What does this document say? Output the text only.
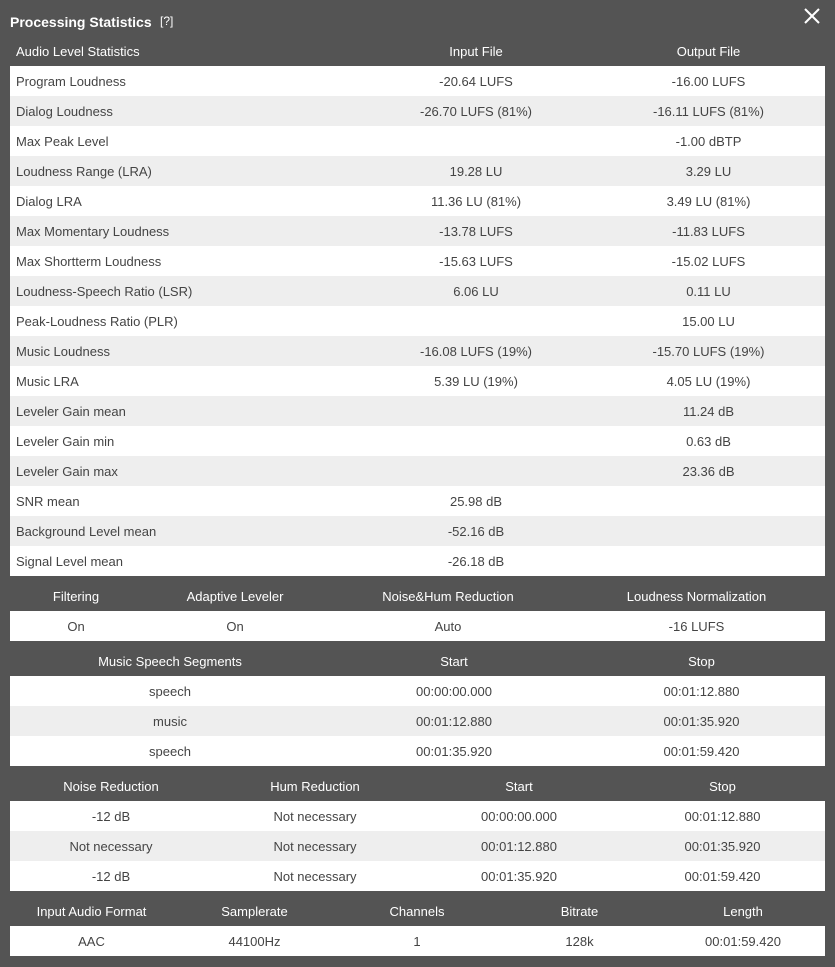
Processing Statistics [?]
Audio Level Statistics	Input File	Output File
Program Loudness	-20.64 LUFS	-16.00 LUFS
Dialog Loudness	-26.70 LUFS (81%)	-16.11 LUFS (81%)
Max Peak Level		-1.00 dBTP
Loudness Range (LRA)	19.28 LU	3.29 LU
Dialog LRA	11.36 LU (81%)	3.49 LU (81%)
Max Momentary Loudness	-13.78 LUFS	-11.83 LUFS
Max Shortterm Loudness	-15.63 LUFS	-15.02 LUFS
Loudness-Speech Ratio (LSR)	6.06 LU	0.11 LU
Peak-Loudness Ratio (PLR)		15.00 LU
Music Loudness	-16.08 LUFS (19%)	-15.70 LUFS (19%)
Music LRA	5.39 LU (19%)	4.05 LU (19%)
Leveler Gain mean		11.24 dB
Leveler Gain min		0.63 dB
Leveler Gain max		23.36 dB
SNR mean	25.98 dB	
Background Level mean	-52.16 dB	
Signal Level mean	-26.18 dB	
Filtering	Adaptive Leveler	Noise&Hum Reduction	Loudness Normalization
On	On	Auto	-16 LUFS
Music Speech Segments	Start	Stop
speech	00:00:00.000	00:01:12.880
music	00:01:12.880	00:01:35.920
speech	00:01:35.920	00:01:59.420
Noise Reduction	Hum Reduction	Start	Stop
-12 dB	Not necessary	00:00:00.000	00:01:12.880
Not necessary	Not necessary	00:01:12.880	00:01:35.920
-12 dB	Not necessary	00:01:35.920	00:01:59.420
Input Audio Format	Samplerate	Channels	Bitrate	Length
AAC	44100Hz	1	128k	00:01:59.420
